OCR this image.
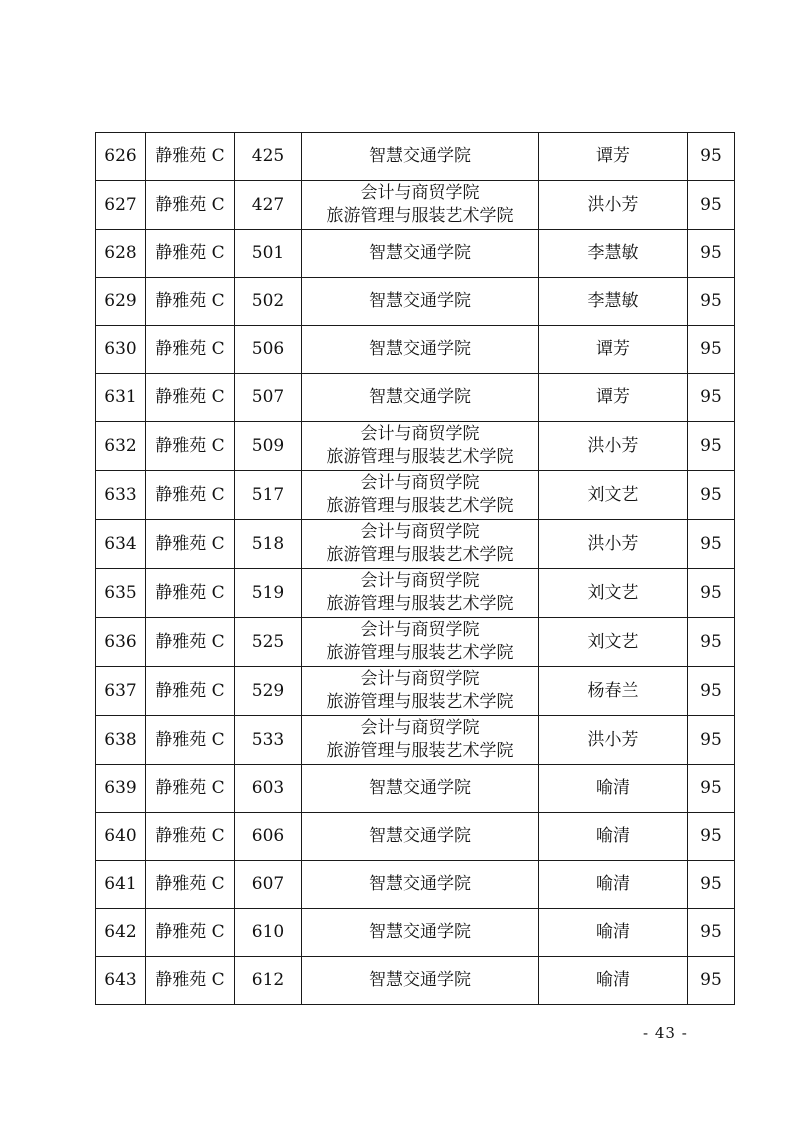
626	静雅苑 C	425	智慧交通学院	谭芳	95
627	静雅苑 C	427	会计与商贸学院
旅游管理与服装艺术学院	洪小芳	95
628	静雅苑 C	501	智慧交通学院	李慧敏	95
629	静雅苑 C	502	智慧交通学院	李慧敏	95
630	静雅苑 C	506	智慧交通学院	谭芳	95
631	静雅苑 C	507	智慧交通学院	谭芳	95
632	静雅苑 C	509	会计与商贸学院
旅游管理与服装艺术学院	洪小芳	95
633	静雅苑 C	517	会计与商贸学院
旅游管理与服装艺术学院	刘文艺	95
634	静雅苑 C	518	会计与商贸学院
旅游管理与服装艺术学院	洪小芳	95
635	静雅苑 C	519	会计与商贸学院
旅游管理与服装艺术学院	刘文艺	95
636	静雅苑 C	525	会计与商贸学院
旅游管理与服装艺术学院	刘文艺	95
637	静雅苑 C	529	会计与商贸学院
旅游管理与服装艺术学院	杨春兰	95
638	静雅苑 C	533	会计与商贸学院
旅游管理与服装艺术学院	洪小芳	95
639	静雅苑 C	603	智慧交通学院	喻清	95
640	静雅苑 C	606	智慧交通学院	喻清	95
641	静雅苑 C	607	智慧交通学院	喻清	95
642	静雅苑 C	610	智慧交通学院	喻清	95
643	静雅苑 C	612	智慧交通学院	喻清	95
- 43 -
